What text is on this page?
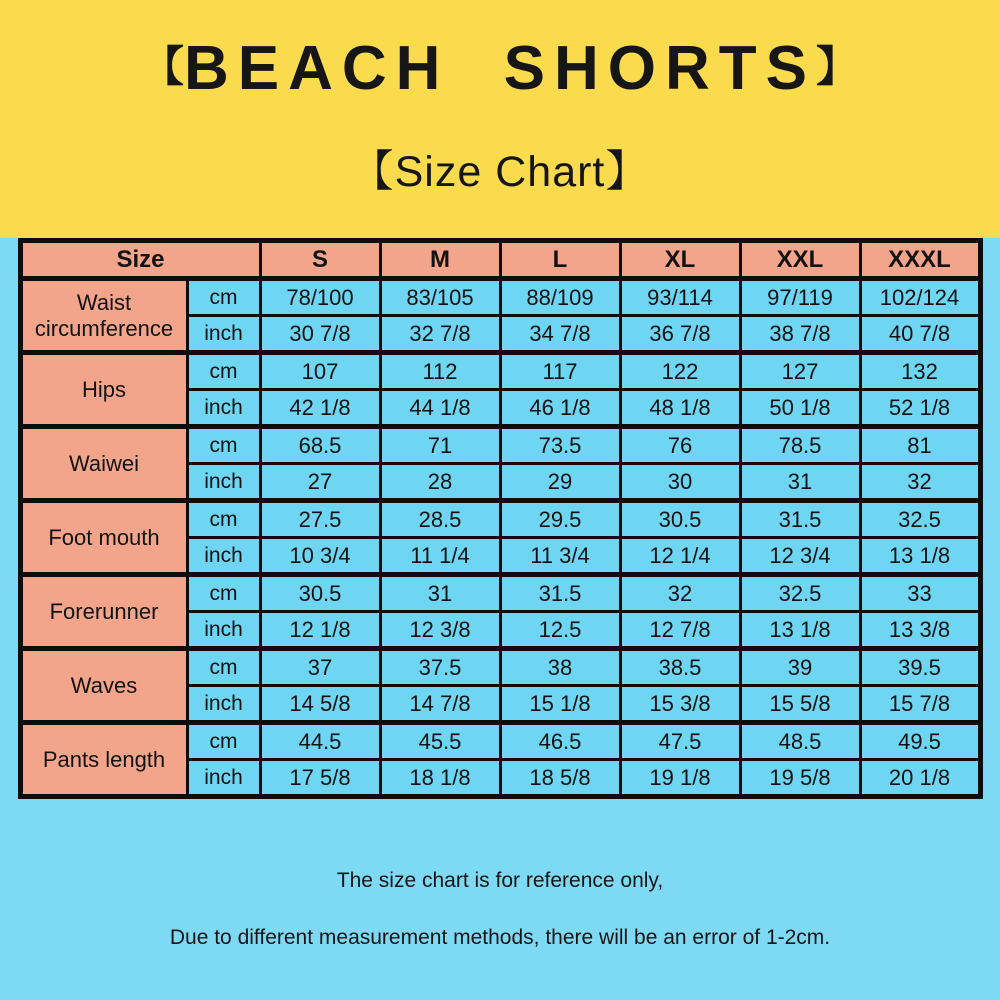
【BEACH SHORTS】
【Size Chart】
Size		S	M	L	XL	XXL	XXXL
Waist circumference	cm	78/100	83/105	88/109	93/114	97/119	102/124
	inch	30 7/8	32 7/8	34 7/8	36 7/8	38 7/8	40 7/8
Hips	cm	107	112	117	122	127	132
	inch	42 1/8	44 1/8	46 1/8	48 1/8	50 1/8	52 1/8
Waiwei	cm	68.5	71	73.5	76	78.5	81
	inch	27	28	29	30	31	32
Foot mouth	cm	27.5	28.5	29.5	30.5	31.5	32.5
	inch	10 3/4	11 1/4	11 3/4	12 1/4	12 3/4	13 1/8
Forerunner	cm	30.5	31	31.5	32	32.5	33
	inch	12 1/8	12 3/8	12.5	12 7/8	13 1/8	13 3/8
Waves	cm	37	37.5	38	38.5	39	39.5
	inch	14 5/8	14 7/8	15 1/8	15 3/8	15 5/8	15 7/8
Pants length	cm	44.5	45.5	46.5	47.5	48.5	49.5
	inch	17 5/8	18 1/8	18 5/8	19 1/8	19 5/8	20 1/8
The size chart is for reference only,
Due to different measurement methods, there will be an error of 1-2cm.
